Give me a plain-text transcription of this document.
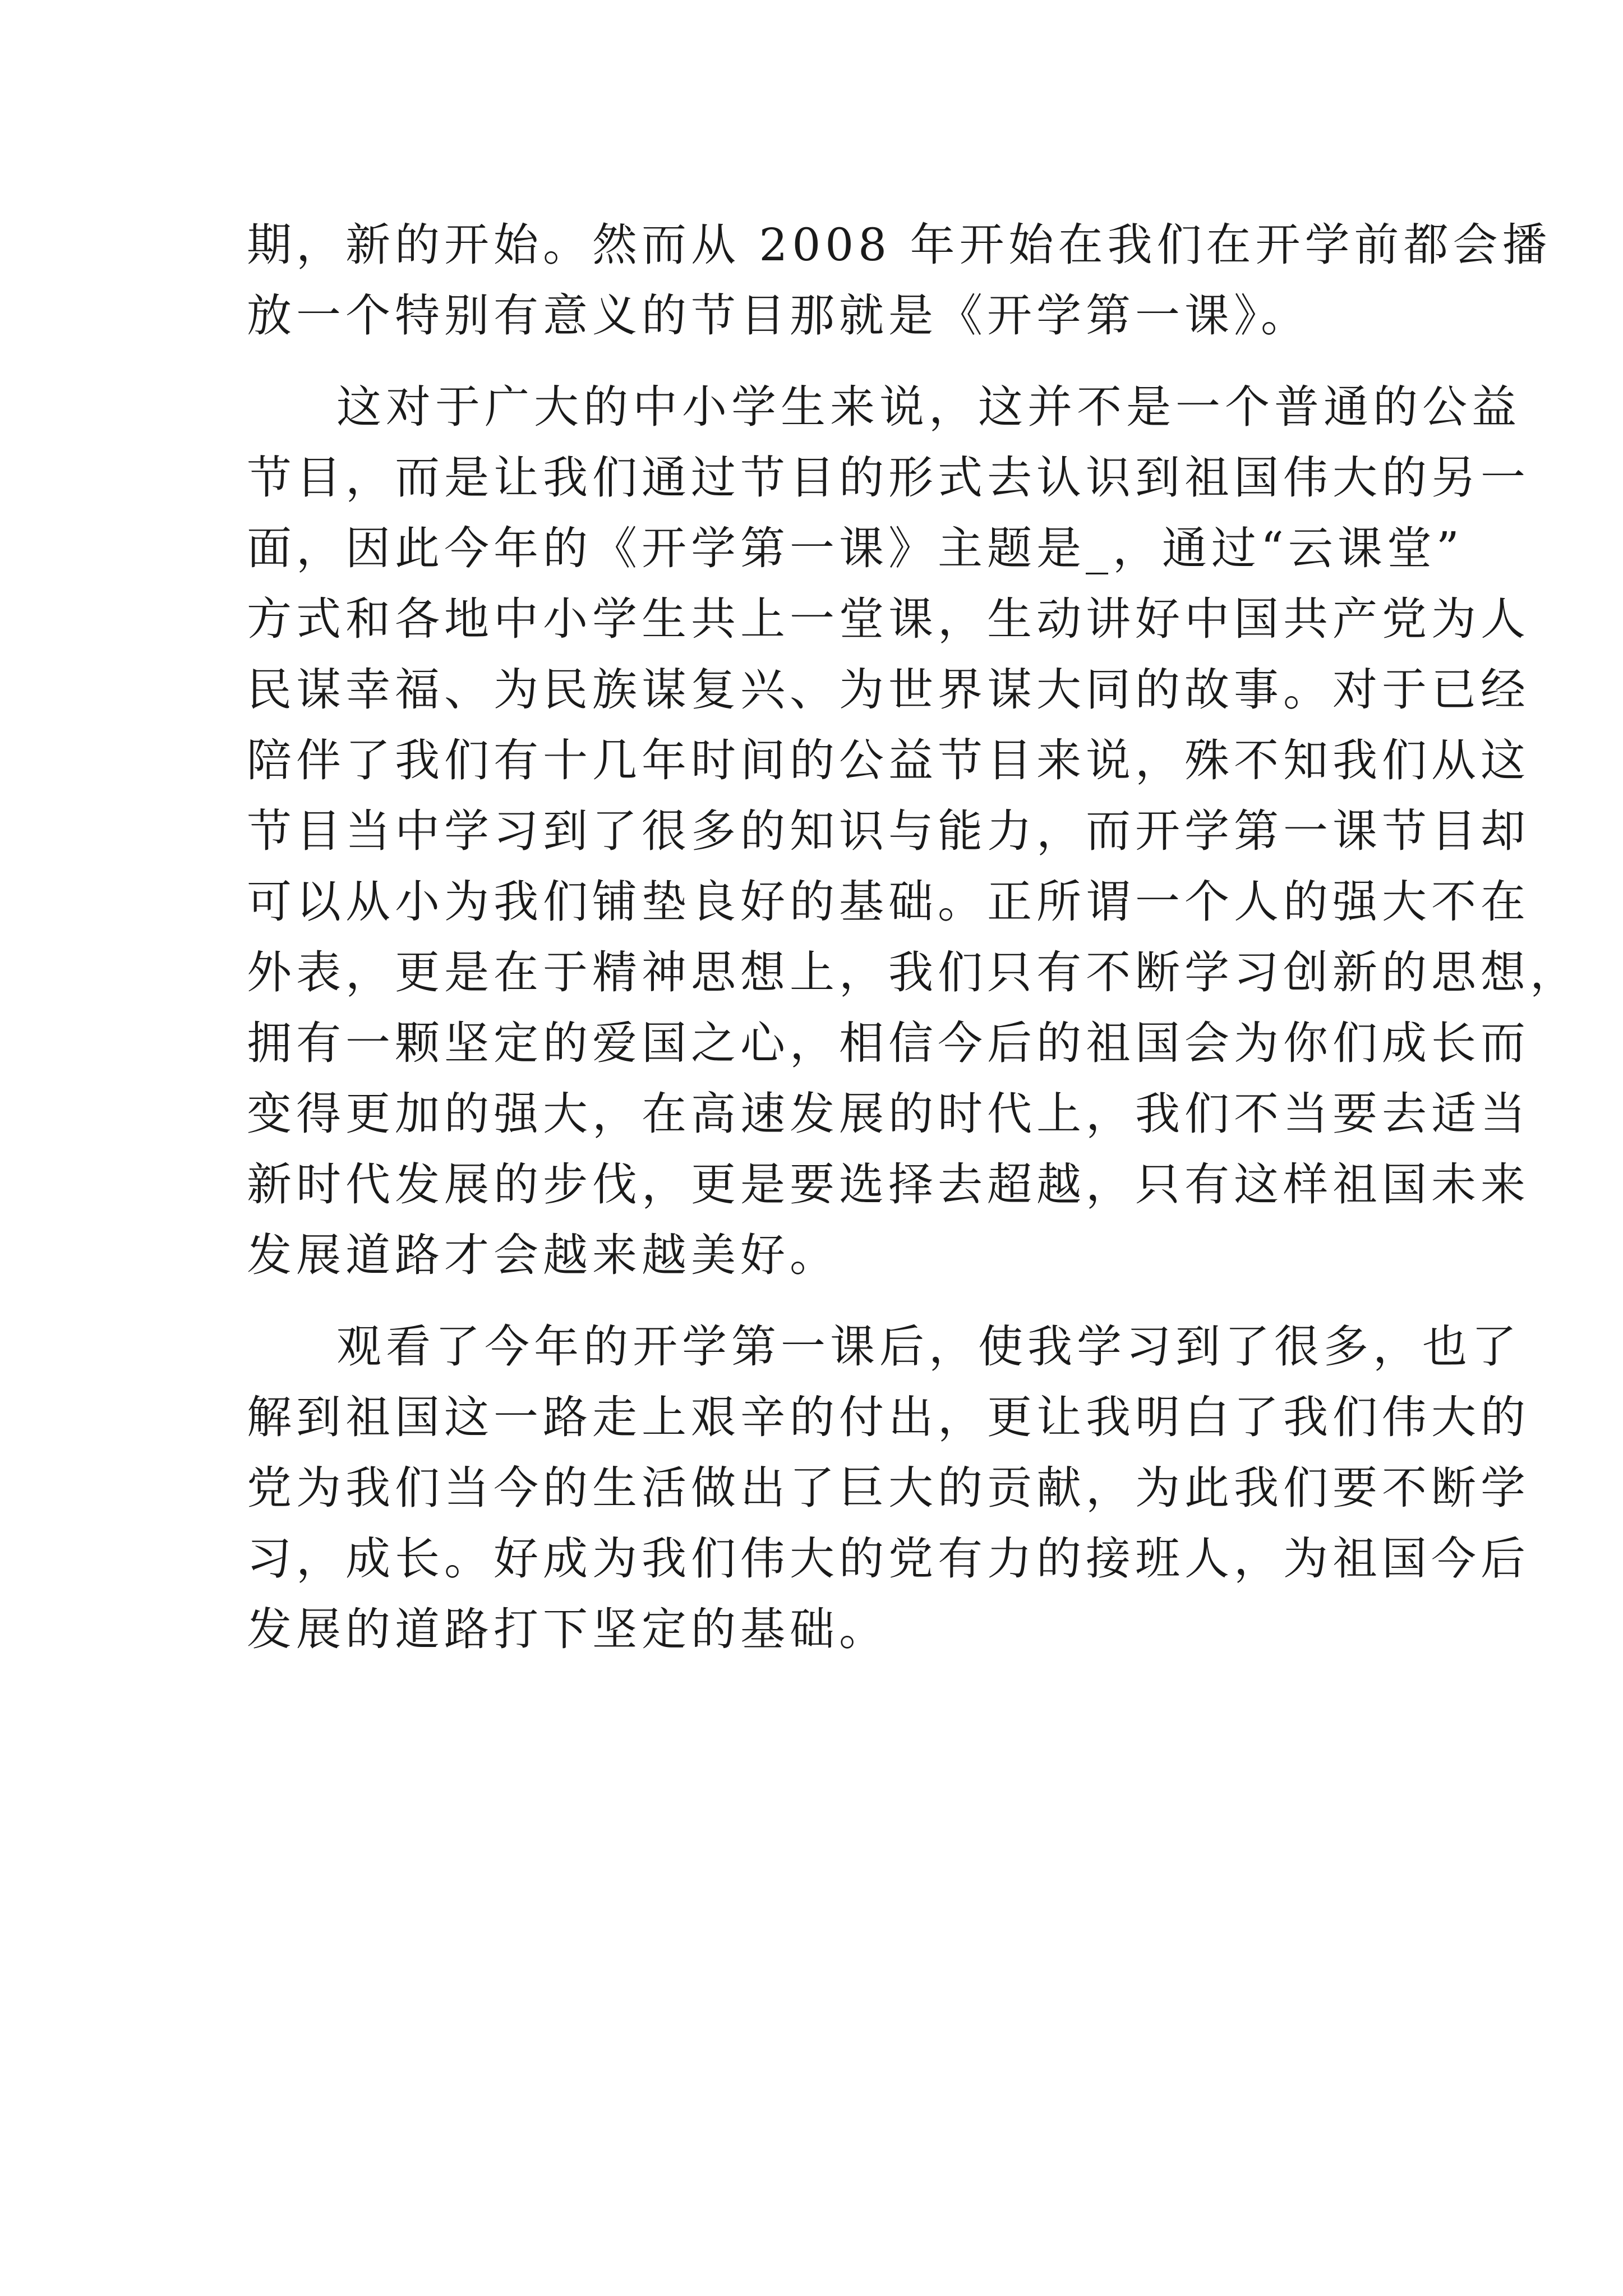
期，新的开始。然而从 2008 年开始在我们在开学前都会播
放一个特别有意义的节目那就是《开学第一课》。
这对于广大的中小学生来说，这并不是一个普通的公益
节目，而是让我们通过节目的形式去认识到祖国伟大的另一
面，因此今年的《开学第一课》主题是_，通过“云课堂”
方式和各地中小学生共上一堂课，生动讲好中国共产党为人
民谋幸福、为民族谋复兴、为世界谋大同的故事。对于已经
陪伴了我们有十几年时间的公益节目来说，殊不知我们从这
节目当中学习到了很多的知识与能力，而开学第一课节目却
可以从小为我们铺垫良好的基础。正所谓一个人的强大不在
外表，更是在于精神思想上，我们只有不断学习创新的思想，
拥有一颗坚定的爱国之心，相信今后的祖国会为你们成长而
变得更加的强大，在高速发展的时代上，我们不当要去适当
新时代发展的步伐，更是要选择去超越，只有这样祖国未来
发展道路才会越来越美好。
观看了今年的开学第一课后，使我学习到了很多，也了
解到祖国这一路走上艰辛的付出，更让我明白了我们伟大的
党为我们当今的生活做出了巨大的贡献，为此我们要不断学
习，成长。好成为我们伟大的党有力的接班人，为祖国今后
发展的道路打下坚定的基础。
